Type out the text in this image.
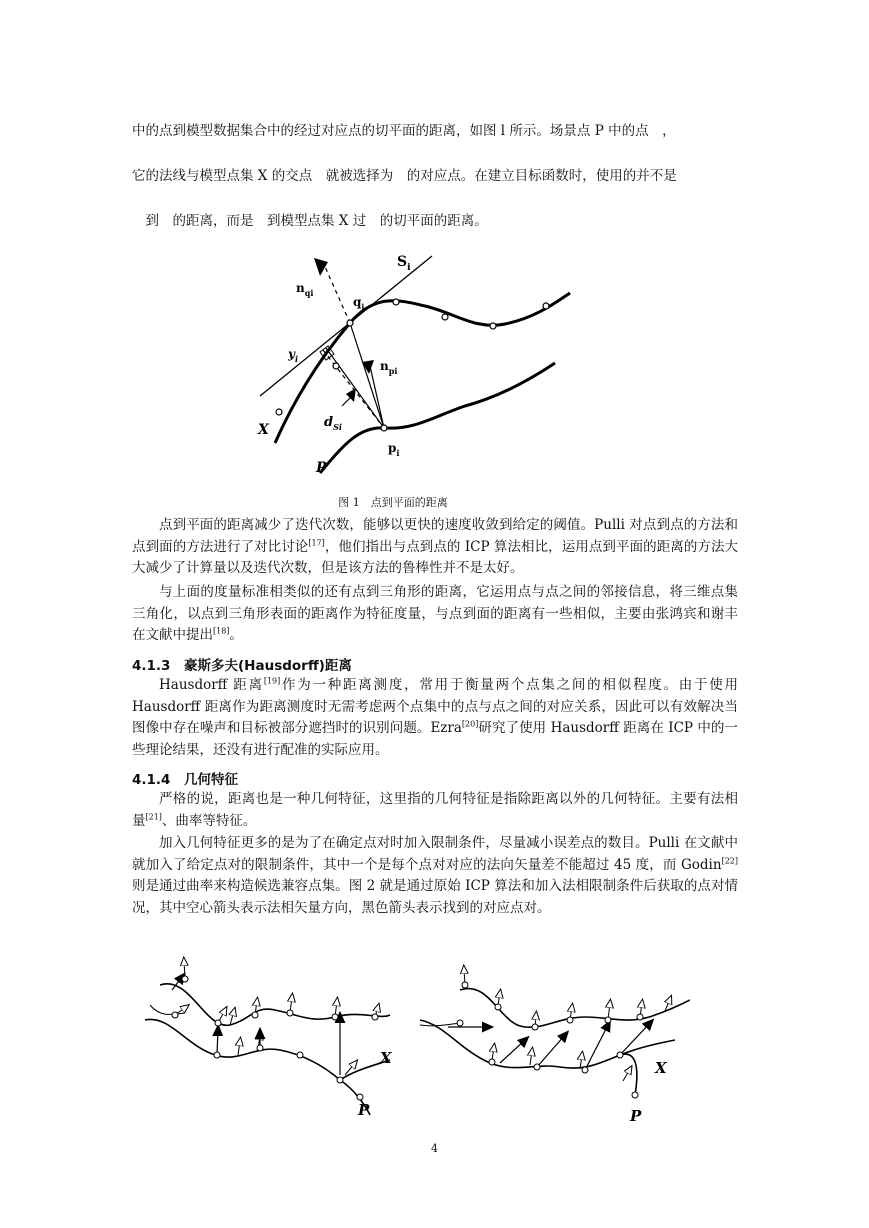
中的点到模型数据集合中的经过对应点的切平面的距离，如图 l 所示。场景点 P 中的点　，

它的法线与模型点集 X 的交点　就被选择为　的对应点。在建立目标函数时，使用的并不是

　到　的距离，而是　到模型点集 X 过　的切平面的距离。

$S_i$
$n_{qi}$
$q_i$
$y_i$	$n_{pi}$
X	$d_{Si}$
$p_i$
P

图 1　点到平面的距离

点到平面的距离减少了迭代次数，能够以更快的速度收敛到给定的阈值。Pulli 对点到点的方法和点到面的方法进行了对比讨论[17]，他们指出与点到点的 ICP 算法相比，运用点到平面的距离的方法大大减少了计算量以及迭代次数，但是该方法的鲁棒性并不是太好。

与上面的度量标准相类似的还有点到三角形的距离，它运用点与点之间的邻接信息，将三维点集三角化，以点到三角形表面的距离作为特征度量，与点到面的距离有一些相似，主要由张鸿宾和谢丰在文献中提出[18]。

4.1.3 豪斯多夫(Hausdorff)距离

Hausdorff 距离[19]作为一种距离测度，常用于衡量两个点集之间的相似程度。由于使用 Hausdorff 距离作为距离测度时无需考虑两个点集中的点与点之间的对应关系，因此可以有效解决当图像中存在噪声和目标被部分遮挡时的识别问题。Ezra[20]研究了使用 Hausdorff 距离在 ICP 中的一些理论结果，还没有进行配准的实际应用。

4.1.4 几何特征

严格的说，距离也是一种几何特征，这里指的几何特征是指除距离以外的几何特征。主要有法相量[21]、曲率等特征。

加入几何特征更多的是为了在确定点对时加入限制条件，尽量减小误差点的数目。Pulli 在文献中就加入了给定点对的限制条件，其中一个是每个点对对应的法向矢量差不能超过 45 度，而 Godin[22]则是通过曲率来构造候选兼容点集。图 2 就是通过原始 ICP 算法和加入法相限制条件后获取的点对情况，其中空心箭头表示法相矢量方向，黑色箭头表示找到的对应点对。

X
P
X
P
4
